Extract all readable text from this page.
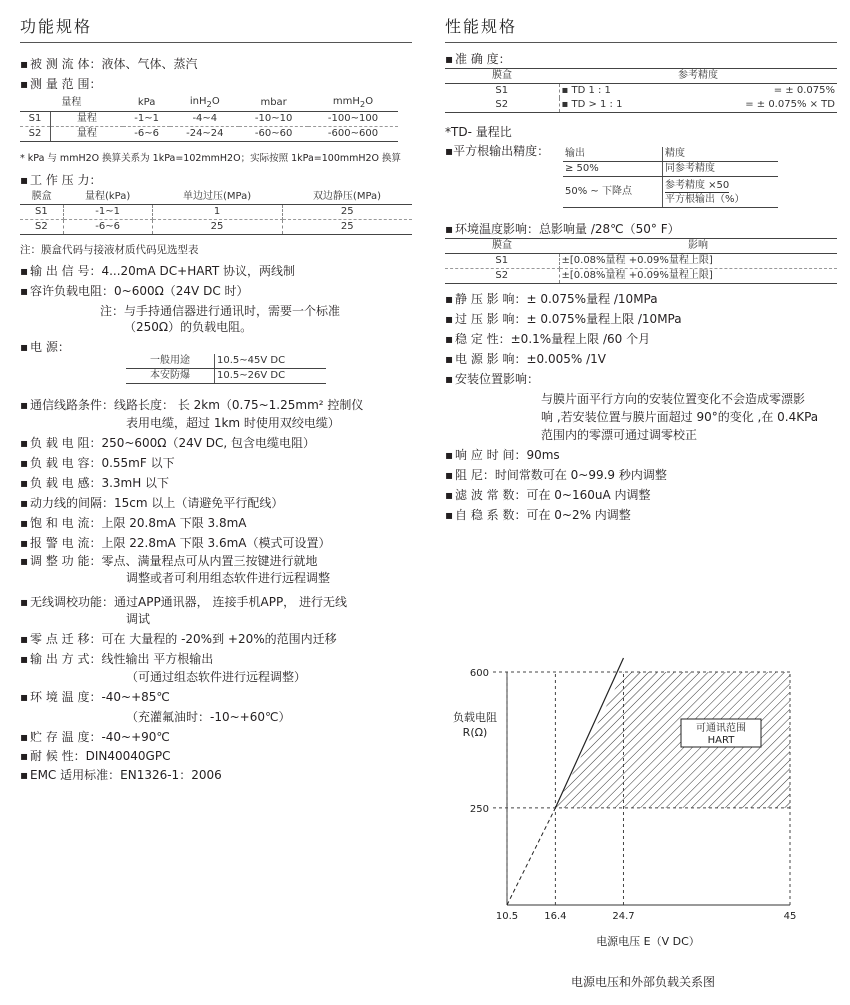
功能规格
▪ 被 测 流 体：液体、气体、蒸汽
▪ 测 量 范 围：
量程		kPa	inH$_2$O	mbar	mmH$_2$O
S1	量程	-1~1	-4~4	-10~10	-100~100
S2	量程	-6~6	-24~24	-60~60	-600~600
* kPa 与 mmH2O 换算关系为 1kPa=102mmH2O；实际按照 1kPa=100mmH2O 换算
▪ 工 作 压 力：
膜盒	量程(kPa)	单边过压(MPa)	双边静压(MPa)
S1	-1~1	1	25
S2	-6~6	25	25
注：膜盒代码与接液材质代码见选型表
▪ 输 出 信 号：4...20mA DC+HART 协议，两线制
▪ 容许负载电阻：0~600Ω（24V DC 时）
注：与手持通信器进行通讯时，需要一个标准
（250Ω）的负载电阻。
▪ 电 源：
一般用途	10.5~45V DC
本安防爆	10.5~26V DC
▪ 通信线路条件：线路长度： 长 2km（0.75~1.25mm² 控制仪
表用电缆，超过 1km 时使用双绞电缆）
▪ 负 载 电 阻：250~600Ω（24V DC, 包含电缆电阻）
▪ 负 载 电 容：0.55mF 以下
▪ 负 载 电 感：3.3mH 以下
▪ 动力线的间隔：15cm 以上（请避免平行配线）
▪ 饱 和 电 流：上限 20.8mA 下限 3.8mA
▪ 报 警 电 流：上限 22.8mA 下限 3.6mA（模式可设置）
▪ 调 整 功 能：零点、满量程点可从内置三按键进行就地
调整或者可利用组态软件进行远程调整
▪ 无线调校功能：通过APP通讯器， 连接手机APP， 进行无线
调试
▪ 零 点 迁 移：可在 大量程的 -20%到 +20%的范围内迁移
▪ 输 出 方 式：线性输出 平方根输出
（可通过组态软件进行远程调整）
▪ 环 境 温 度：-40~+85℃
（充灌氟油时：-10~+60℃）
▪ 贮 存 温 度：-40~+90℃
▪ 耐 候 性：DIN40040GPC
▪ EMC 适用标准：EN1326-1：2006
性能规格
▪ 准 确 度：
膜盒	参考精度	
S1	▪ TD 1 : 1	= ± 0.075%
S2	▪ TD > 1 : 1	= ± 0.075% × TD
*TD- 量程比
▪平方根输出精度： 输出	精度
≥ 50%	同参考精度
50% ~ 下降点	参考精度 ×50
平方根输出（%）
▪ 环境温度影响：总影响量 /28℃（50° F）
膜盒	影响
S1	±[0.08%量程 +0.09%量程上限]
S2	±[0.08%量程 +0.09%量程上限]
▪ 静 压 影 响：± 0.075%量程 /10MPa
▪ 过 压 影 响：± 0.075%量程上限 /10MPa
▪ 稳 定 性：±0.1%量程上限 /60 个月
▪ 电 源 影 响：±0.005% /1V
▪ 安装位置影响：
与膜片面平行方向的安装位置变化不会造成零漂影
响 ,若安装位置与膜片面超过 90°的变化 ,在 0.4KPa
范围内的零漂可通过调零校正
▪ 响 应 时 间：90ms
▪ 阻 尼：时间常数可在 0~99.9 秒内调整
▪ 滤 波 常 数：可在 0~160uA 内调整
▪ 自 稳 系 数：可在 0~2% 内调整
250
600
10.5	16.4	24.7	45
可通讯范围
HART
负载电阻
R(Ω)
电源电压 E（V DC）
电源电压和外部负载关系图
